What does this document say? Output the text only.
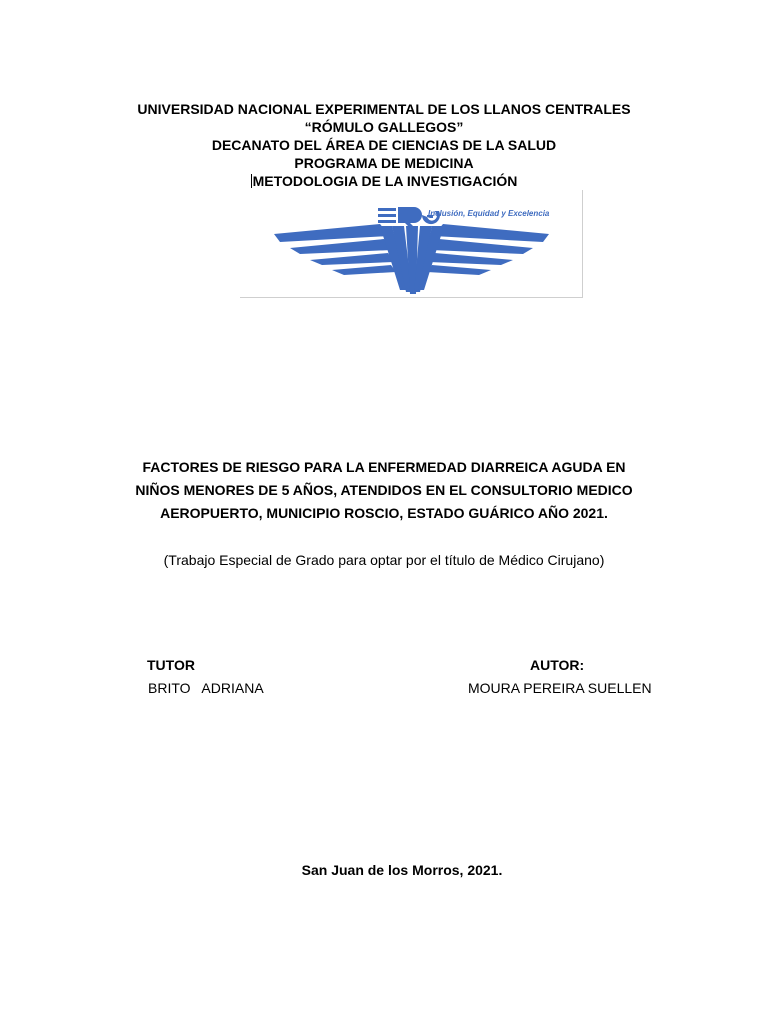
UNIVERSIDAD NACIONAL EXPERIMENTAL DE LOS LLANOS CENTRALES
“RÓMULO GALLEGOS”
DECANATO DEL ÁREA DE CIENCIAS DE LA SALUD
PROGRAMA DE MEDICINA
METODOLOGIA DE LA INVESTIGACIÓN
Inclusión, Equidad y Excelencia
FACTORES DE RIESGO PARA LA ENFERMEDAD DIARREICA AGUDA EN
NIÑOS MENORES DE 5 AÑOS, ATENDIDOS EN EL CONSULTORIO MEDICO
AEROPUERTO, MUNICIPIO ROSCIO, ESTADO GUÁRICO AÑO 2021.
(Trabajo Especial de Grado para optar por el título de Médico Cirujano)
TUTOR
BRITO   ADRIANA
AUTOR:
MOURA PEREIRA SUELLEN
San Juan de los Morros, 2021.
